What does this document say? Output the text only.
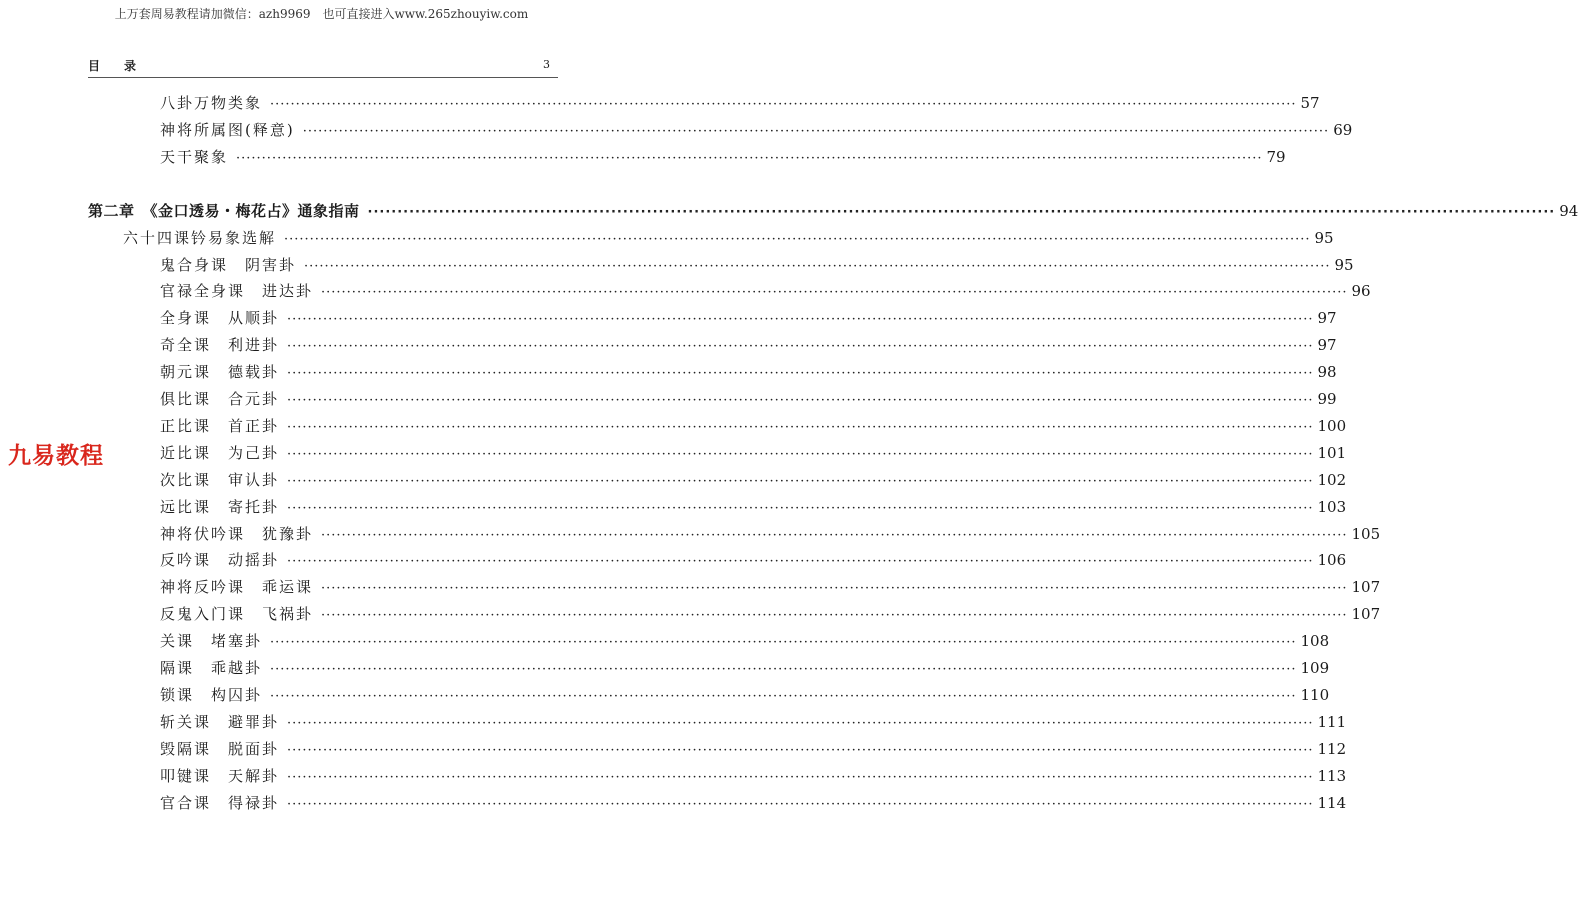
上万套周易教程请加微信：azh9969　也可直接进入www.265zhouyiw.com
目录	3
九易教程
八卦万物类象 ········································································································································································································ 57
神将所属图(释意) ········································································································································································································ 69
天干聚象 ········································································································································································································ 79
第二章　《金口透易・梅花占》通象指南 ········································································································································································································ 94
六十四课钤易象选解 ········································································································································································································ 95
鬼合身课　阴害卦 ········································································································································································································ 95
官禄全身课　进达卦 ········································································································································································································ 96
全身课　从顺卦 ········································································································································································································ 97
奇全课　利进卦 ········································································································································································································ 97
朝元课　德载卦 ········································································································································································································ 98
俱比课　合元卦 ········································································································································································································ 99
正比课　首正卦 ········································································································································································································ 100
近比课　为己卦 ········································································································································································································ 101
次比课　审认卦 ········································································································································································································ 102
远比课　寄托卦 ········································································································································································································ 103
神将伏吟课　犹豫卦 ········································································································································································································ 105
反吟课　动摇卦 ········································································································································································································ 106
神将反吟课　乖运课 ········································································································································································································ 107
反鬼入门课　飞祸卦 ········································································································································································································ 107
关课　堵塞卦 ········································································································································································································ 108
隔课　乖越卦 ········································································································································································································ 109
锁课　构囚卦 ········································································································································································································ 110
斩关课　避罪卦 ········································································································································································································ 111
毁隔课　脱面卦 ········································································································································································································ 112
叩键课　天解卦 ········································································································································································································ 113
官合课　得禄卦 ········································································································································································································ 114
